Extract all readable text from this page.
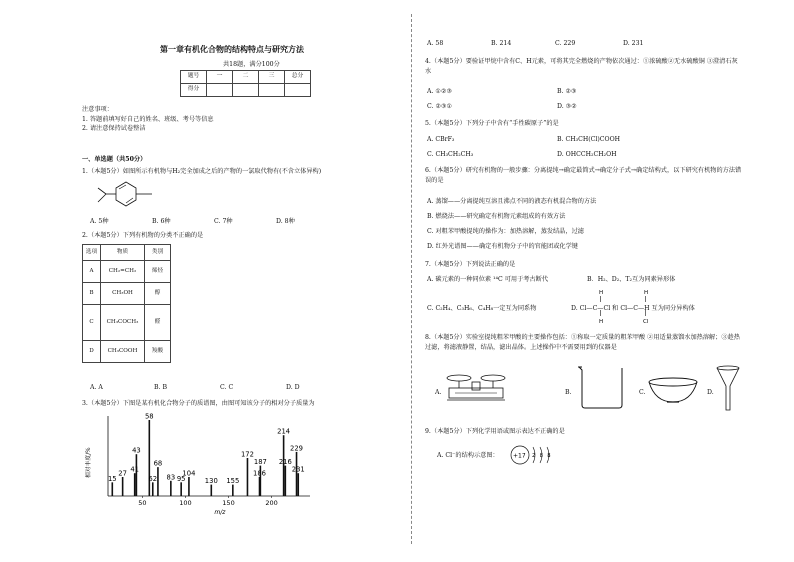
第一章有机化合物的结构特点与研究方法
共18题，满分100分
题号	一	二	三	总分
得分				
注意事项：
1. 答题前填写好自己的姓名、班级、考号等信息
2. 请注意保持试卷整洁
一、单选题（共50分）
1.（本题5分）如图所示有机物与H₂完全加成之后的产物的一氯取代物有(不含立体异构)
A. 5种	B. 6种	C. 7种	D. 8种
2.（本题5分）下列有机物的分类不正确的是
选项	物质	类别
A	CH₂=CH₂	烯烃
B	CH₃OH	醇
C	CH₃COCH₃	醛
D	CH₃COOH	羧酸
A. A	B. B	C. C	D. D
3.（本题5分）下图是某有机化合物分子的质谱图，由图可知该分子的相对分子质量为
相对丰度/%
50	100	150	200
m/z
15
27 41
43
58
62
68
83 95
104
130 155
172
186
187
214
216
229
231
A. 58	B. 214	C. 229	D. 231
4.（本题5分）要验证甲烷中含有C、H元素，可将其完全燃烧的产物依次通过：①浓硫酸②无水硫酸铜 ③澄清石灰水
A. ①②③	B. ②③
C. ②③①	D. ③②
5.（本题5分）下列分子中含有“手性碳原子”的是
A. CBrF₃	B. CH₃CH(Cl)COOH
C. CH₃CH₂CH₃	D. OHCCH₂CH₂OH
6.（本题5分）研究有机物的一般步骤：分离提纯→确定最简式→确定分子式→确定结构式，以下研究有机物的方法错误的是
A. 蒸馏——分离提纯互溶且沸点不同的液态有机混合物的方法
B. 燃烧法——研究确定有机物元素组成的有效方法
C. 对粗苯甲酸提纯的操作为：加热溶解，蒸发结晶，过滤
D. 红外光谱图——确定有机物分子中的官能团或化学键
7.（本题5分）下列说法正确的是
A. 碳元素的一种同位素 ¹⁴C 可用于考古断代	B．H₂、D₂、T₂互为同素异形体
C. C₂H₄、C₃H₆、C₄H₈一定互为同系物	D. Cl—C—Cl 和 Cl—C—H 互为同分异构体
H
H
H
Cl
8.（本题5分）实验室提纯粗苯甲酸的主要操作包括：①称取一定质量的粗苯甲酸 ②用适量蒸馏水加热溶解；③趁热过滤，将滤液静置，结晶，滤出晶体。上述操作中不需要用到的仪器是
A.	B.	C.	D.
9.（本题5分）下列化学用语或图示表达不正确的是
A. Cl⁻的结构示意图： +17 2 8 8
